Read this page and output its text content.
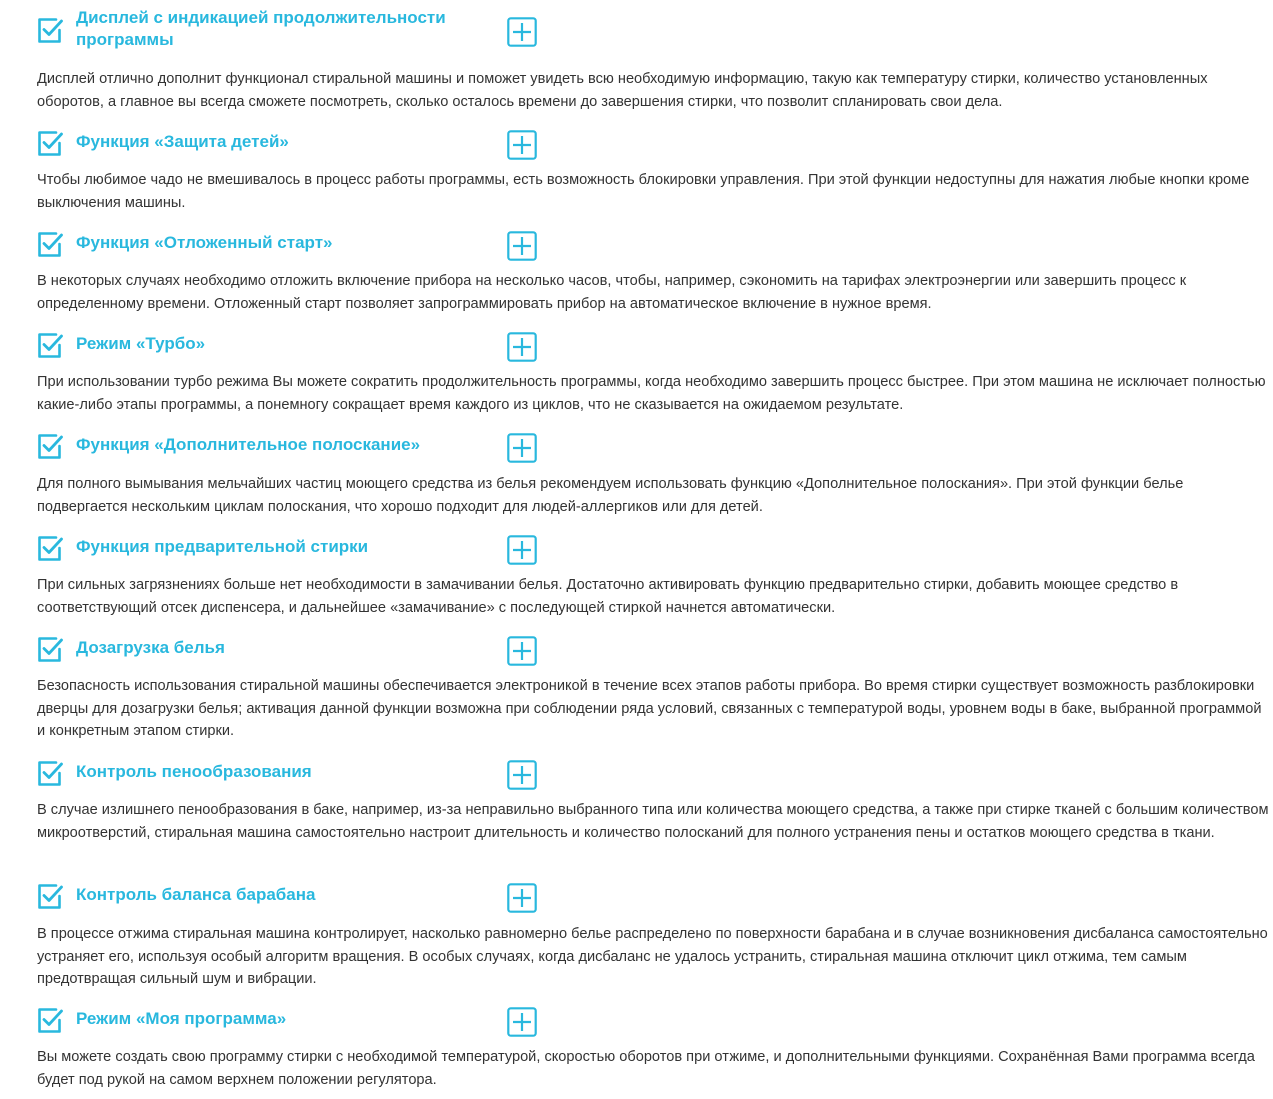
Дисплей с индикацией продолжительности программы

Дисплей отлично дополнит функционал стиральной машины и поможет увидеть всю необходимую информацию, такую как температуру стирки, количество установленных оборотов, а главное вы всегда сможете посмотреть, сколько осталось времени до завершения стирки, что позволит спланировать свои дела.

Функция «Защита детей»

Чтобы любимое чадо не вмешивалось в процесс работы программы, есть возможность блокировки управления. При этой функции недоступны для нажатия любые кнопки кроме выключения машины.

Функция «Отложенный старт»

В некоторых случаях необходимо отложить включение прибора на несколько часов, чтобы, например, сэкономить на тарифах электроэнергии или завершить процесс к определенному времени. Отложенный старт позволяет запрограммировать прибор на автоматическое включение в нужное время.

Режим «Турбо»

При использовании турбо режима Вы можете сократить продолжительность программы, когда необходимо завершить процесс быстрее. При этом машина не исключает полностью какие-либо этапы программы, а понемногу сокращает время каждого из циклов, что не сказывается на ожидаемом результате.

Функция «Дополнительное полоскание»

Для полного вымывания мельчайших частиц моющего средства из белья рекомендуем использовать функцию «Дополнительное полоскания». При этой функции белье подвергается нескольким циклам полоскания, что хорошо подходит для людей-аллергиков или для детей.

Функция предварительной стирки

При сильных загрязнениях больше нет необходимости в замачивании белья. Достаточно активировать функцию предварительно стирки, добавить моющее средство в соответствующий отсек диспенсера, и дальнейшее «замачивание» с последующей стиркой начнется автоматически.

Дозагрузка белья

Безопасность использования стиральной машины обеспечивается электроникой в течение всех этапов работы прибора. Во время стирки существует возможность разблокировки дверцы для дозагрузки белья; активация данной функции возможна при соблюдении ряда условий, связанных с температурой воды, уровнем воды в баке, выбранной программой и конкретным этапом стирки.

Контроль пенообразования

В случае излишнего пенообразования в баке, например, из-за неправильно выбранного типа или количества моющего средства, а также при стирке тканей с большим количеством микроотверстий, стиральная машина самостоятельно настроит длительность и количество полосканий для полного устранения пены и остатков моющего средства в ткани.

Контроль баланса барабана

В процессе отжима стиральная машина контролирует, насколько равномерно белье распределено по поверхности барабана и в случае возникновения дисбаланса самостоятельно устраняет его, используя особый алгоритм вращения. В особых случаях, когда дисбаланс не удалось устранить, стиральная машина отключит цикл отжима, тем самым предотвращая сильный шум и вибрации.

Режим «Моя программа»

Вы можете создать свою программу стирки с необходимой температурой, скоростью оборотов при отжиме, и дополнительными функциями. Сохранённая Вами программа всегда будет под рукой на самом верхнем положении регулятора.
